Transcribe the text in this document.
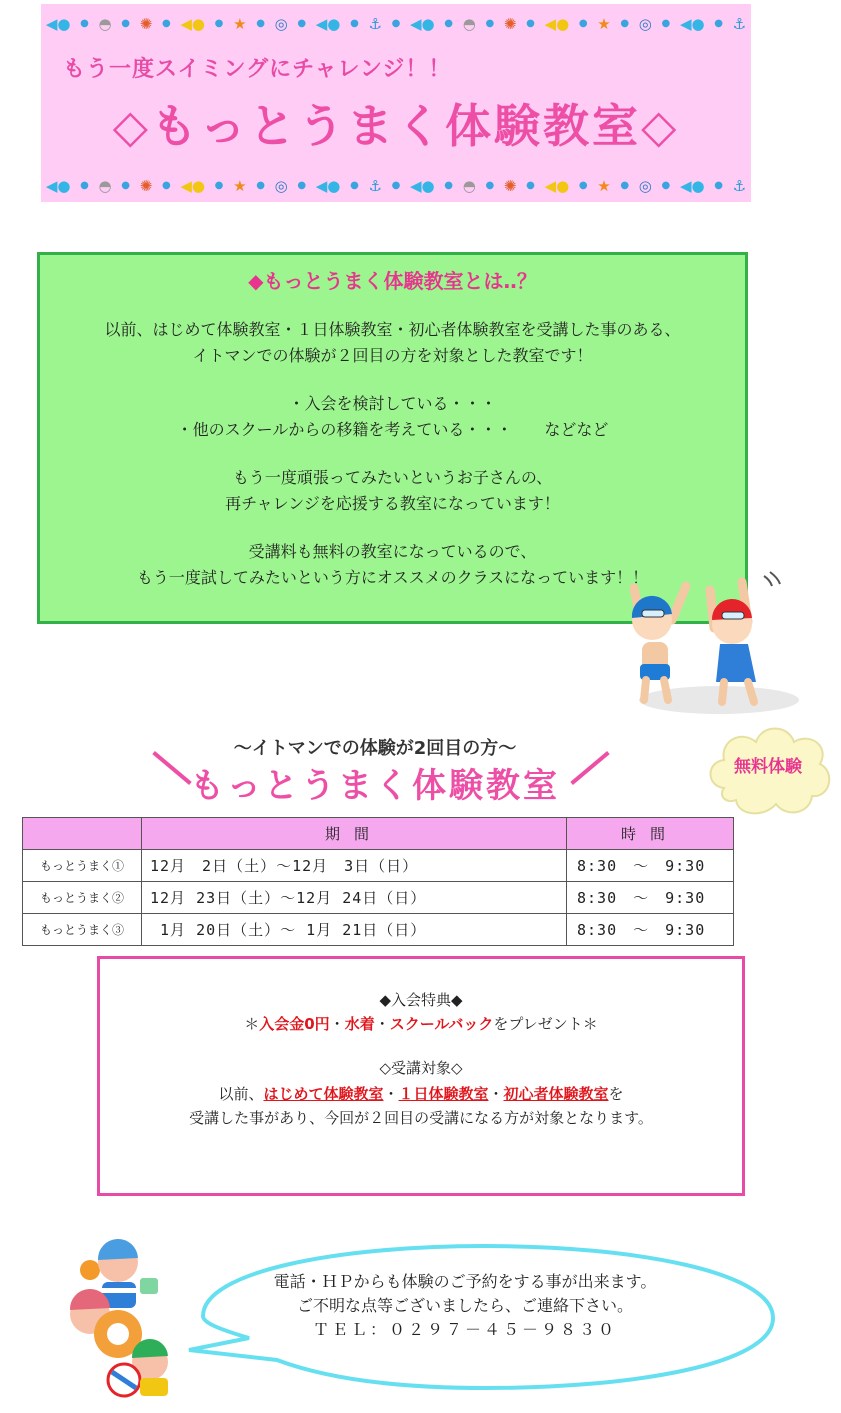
◀● ● ◓ ● ✺ ● ◀● ● ★ ● ◎ ● ◀● ● ⚓ ● ◀● ● ◓ ● ✺ ● ◀● ● ★ ● ◎ ● ◀● ● ⚓
もう一度スイミングにチャレンジ！！
◇もっとうまく体験教室◇
◀● ● ◓ ● ✺ ● ◀● ● ★ ● ◎ ● ◀● ● ⚓ ● ◀● ● ◓ ● ✺ ● ◀● ● ★ ● ◎ ● ◀● ● ⚓
◆もっとうまく体験教室とは‥？

以前、はじめて体験教室・１日体験教室・初心者体験教室を受講した事のある、
イトマンでの体験が２回目の方を対象とした教室です！

・入会を検討している・・・
・他のスクールからの移籍を考えている・・・　　などなど

もう一度頑張ってみたいというお子さんの、
再チャレンジを応援する教室になっています！

受講料も無料の教室になっているので、
もう一度試してみたいという方にオススメのクラスになっています！！

～イトマンでの体験が2回目の方～
もっとうまく体験教室	無料体験
	期間	時間
もっとうまく①	12月　2日（土）～12月　3日（日）	8:30　～　9:30
もっとうまく②	12月 23日（土）～12月 24日（日）	8:30　～　9:30
もっとうまく③	1月 20日（土）～ 1月 21日（日）	8:30　～　9:30
◆入会特典◆
＊入会金0円・水着・スクールバックをプレゼント＊
◇受講対象◇
以前、はじめて体験教室・１日体験教室・初心者体験教室を
受講した事があり、今回が２回目の受講になる方が対象となります。
電話・ＨＰからも体験のご予約をする事が出来ます。
ご不明な点等ございましたら、ご連絡下さい。
ＴＥＬ：０２９７－４５－９８３０
